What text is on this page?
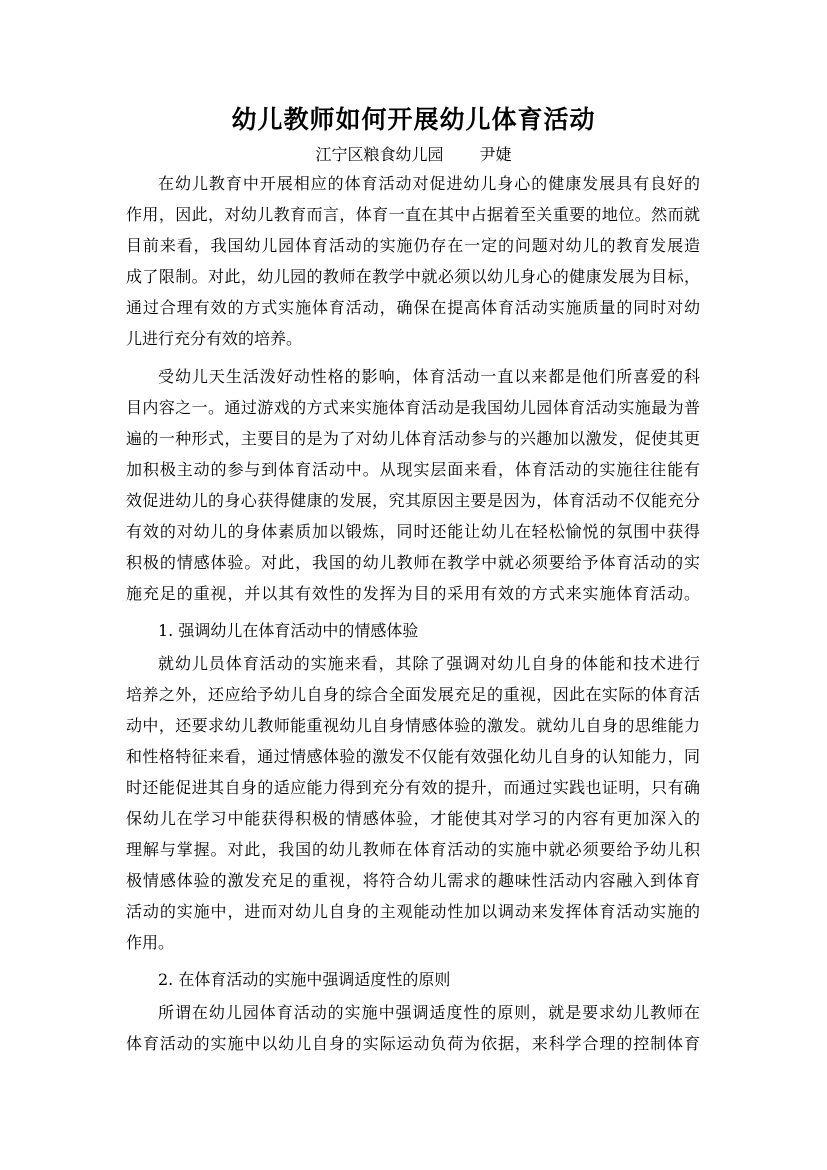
幼儿教师如何开展幼儿体育活动
江宁区粮食幼儿园 尹婕
在幼儿教育中开展相应的体育活动对促进幼儿身心的健康发展具有良好的
作用，因此，对幼儿教育而言，体育一直在其中占据着至关重要的地位。然而就
目前来看，我国幼儿园体育活动的实施仍存在一定的问题对幼儿的教育发展造
成了限制。对此，幼儿园的教师在教学中就必须以幼儿身心的健康发展为目标，
通过合理有效的方式实施体育活动，确保在提高体育活动实施质量的同时对幼
儿进行充分有效的培养。
受幼儿天生活泼好动性格的影响，体育活动一直以来都是他们所喜爱的科
目内容之一。通过游戏的方式来实施体育活动是我国幼儿园体育活动实施最为普
遍的一种形式，主要目的是为了对幼儿体育活动参与的兴趣加以激发，促使其更
加积极主动的参与到体育活动中。从现实层面来看，体育活动的实施往往能有
效促进幼儿的身心获得健康的发展，究其原因主要是因为，体育活动不仅能充分
有效的对幼儿的身体素质加以锻炼，同时还能让幼儿在轻松愉悦的氛围中获得
积极的情感体验。对此，我国的幼儿教师在教学中就必须要给予体育活动的实
施充足的重视，并以其有效性的发挥为目的采用有效的方式来实施体育活动。
1. 强调幼儿在体育活动中的情感体验
就幼儿员体育活动的实施来看，其除了强调对幼儿自身的体能和技术进行
培养之外，还应给予幼儿自身的综合全面发展充足的重视，因此在实际的体育活
动中，还要求幼儿教师能重视幼儿自身情感体验的激发。就幼儿自身的思维能力
和性格特征来看，通过情感体验的激发不仅能有效强化幼儿自身的认知能力，同
时还能促进其自身的适应能力得到充分有效的提升，而通过实践也证明，只有确
保幼儿在学习中能获得积极的情感体验，才能使其对学习的内容有更加深入的
理解与掌握。对此，我国的幼儿教师在体育活动的实施中就必须要给予幼儿积
极情感体验的激发充足的重视，将符合幼儿需求的趣味性活动内容融入到体育
活动的实施中，进而对幼儿自身的主观能动性加以调动来发挥体育活动实施的
作用。
2. 在体育活动的实施中强调适度性的原则
所谓在幼儿园体育活动的实施中强调适度性的原则，就是要求幼儿教师在
体育活动的实施中以幼儿自身的实际运动负荷为依据，来科学合理的控制体育
